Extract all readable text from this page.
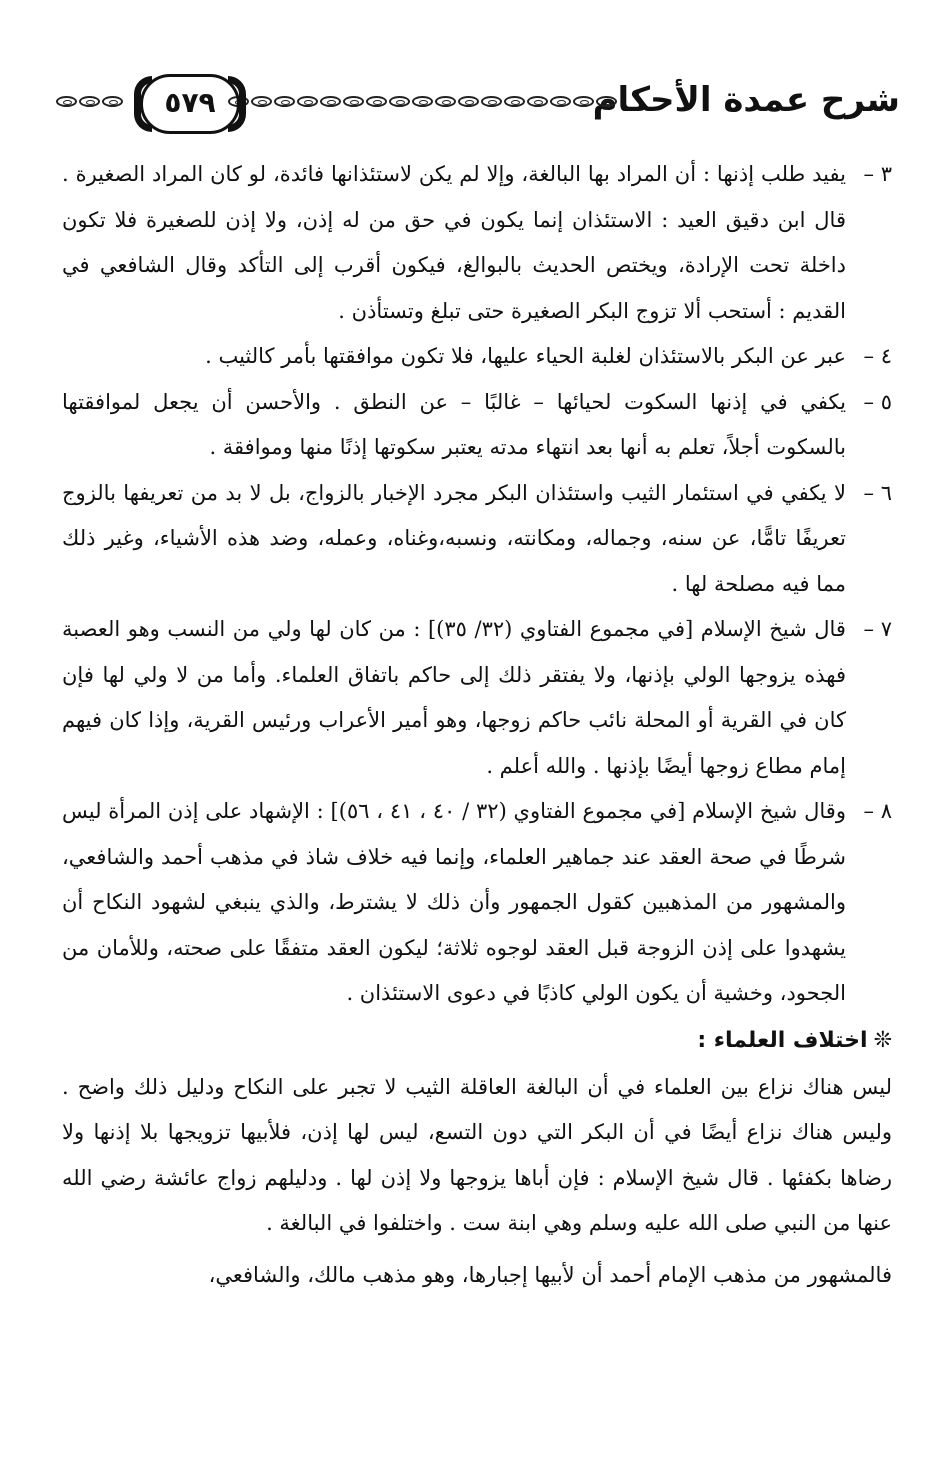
شرح عمدة الأحكام
٥٧٩
٣ –
يفيد طلب إذنها : أن المراد بها البالغة، وإلا لم يكن لاستئذانها فائدة، لو كان المراد الصغيرة . قال ابن دقيق العيد : الاستئذان إنما يكون في حق من له إذن، ولا إذن للصغيرة فلا تكون داخلة تحت الإرادة، ويختص الحديث بالبوالغ، فيكون أقرب إلى التأكد وقال الشافعي في القديم : أستحب ألا تزوج البكر الصغيرة حتى تبلغ وتستأذن .
٤ –
عبر عن البكر بالاستئذان لغلبة الحياء عليها، فلا تكون موافقتها بأمر كالثيب .
٥ –
يكفي في إذنها السكوت لحيائها – غالبًا – عن النطق . والأحسن أن يجعل لموافقتها بالسكوت أجلاً، تعلم به أنها بعد انتهاء مدته يعتبر سكوتها إذنًا منها وموافقة .
٦ –
لا يكفي في استئمار الثيب واستئذان البكر مجرد الإخبار بالزواج، بل لا بد من تعريفها بالزوج تعريفًا تامًّا، عن سنه، وجماله، ومكانته، ونسبه،وغناه، وعمله، وضد هذه الأشياء، وغير ذلك مما فيه مصلحة لها .
٧ –
قال شيخ الإسلام [في مجموع الفتاوي (٣٢/ ٣٥)] : من كان لها ولي من النسب وهو العصبة فهذه يزوجها الولي بإذنها، ولا يفتقر ذلك إلى حاكم باتفاق العلماء. وأما من لا ولي لها فإن كان في القرية أو المحلة نائب حاكم زوجها، وهو أمير الأعراب ورئيس القرية، وإذا كان فيهم إمام مطاع زوجها أيضًا بإذنها . والله أعلم .
٨ –
وقال شيخ الإسلام [في مجموع الفتاوي (٣٢ / ٤٠ ، ٤١ ، ٥٦)] : الإشهاد على إذن المرأة ليس شرطًا في صحة العقد عند جماهير العلماء، وإنما فيه خلاف شاذ في مذهب أحمد والشافعي، والمشهور من المذهبين كقول الجمهور وأن ذلك لا يشترط، والذي ينبغي لشهود النكاح أن يشهدوا على إذن الزوجة قبل العقد لوجوه ثلاثة؛ ليكون العقد متفقًا على صحته، وللأمان من الجحود، وخشية أن يكون الولي كاذبًا في دعوى الاستئذان .
❊اختلاف العلماء :

ليس هناك نزاع بين العلماء في أن البالغة العاقلة الثيب لا تجبر على النكاح ودليل ذلك واضح . وليس هناك نزاع أيضًا في أن البكر التي دون التسع، ليس لها إذن، فلأبيها تزويجها بلا إذنها ولا رضاها بكفئها . قال شيخ الإسلام : فإن أباها يزوجها ولا إذن لها . ودليلهم زواج عائشة رضي الله عنها من النبي صلى الله عليه وسلم وهي ابنة ست . واختلفوا في البالغة .

فالمشهور من مذهب الإمام أحمد أن لأبيها إجبارها، وهو مذهب مالك، والشافعي،
